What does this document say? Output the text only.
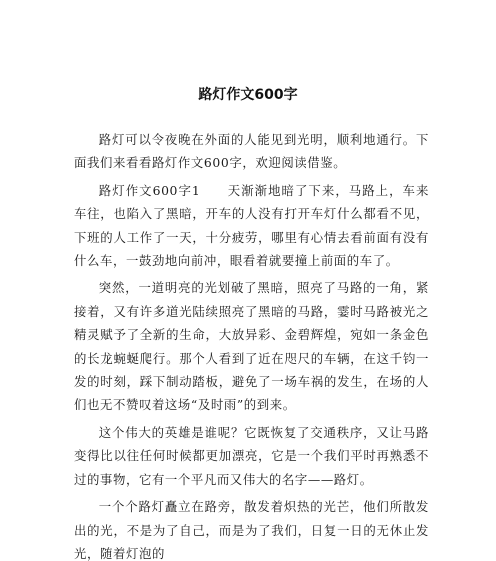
路灯作文600字

路灯可以令夜晚在外面的人能见到光明，顺利地通行。下面我们来看看路灯作文600字，欢迎阅读借鉴。

路灯作文600字1　　天渐渐地暗了下来，马路上，车来车往，也陷入了黑暗，开车的人没有打开车灯什么都看不见，下班的人工作了一天，十分疲劳，哪里有心情去看前面有没有什么车，一鼓劲地向前冲，眼看着就要撞上前面的车了。

突然，一道明亮的光划破了黑暗，照亮了马路的一角，紧接着，又有许多道光陆续照亮了黑暗的马路，霎时马路被光之精灵赋予了全新的生命，大放异彩、金碧辉煌，宛如一条金色的长龙蜿蜒爬行。那个人看到了近在咫尺的车辆，在这千钧一发的时刻，踩下制动踏板，避免了一场车祸的发生，在场的人们也无不赞叹着这场“及时雨”的到来。

这个伟大的英雄是谁呢？它既恢复了交通秩序，又让马路变得比以往任何时候都更加漂亮，它是一个我们平时再熟悉不过的事物，它有一个平凡而又伟大的名字——路灯。

一个个路灯矗立在路旁，散发着炽热的光芒，他们所散发出的光，不是为了自己，而是为了我们，日复一日的无休止发光，随着灯泡的
